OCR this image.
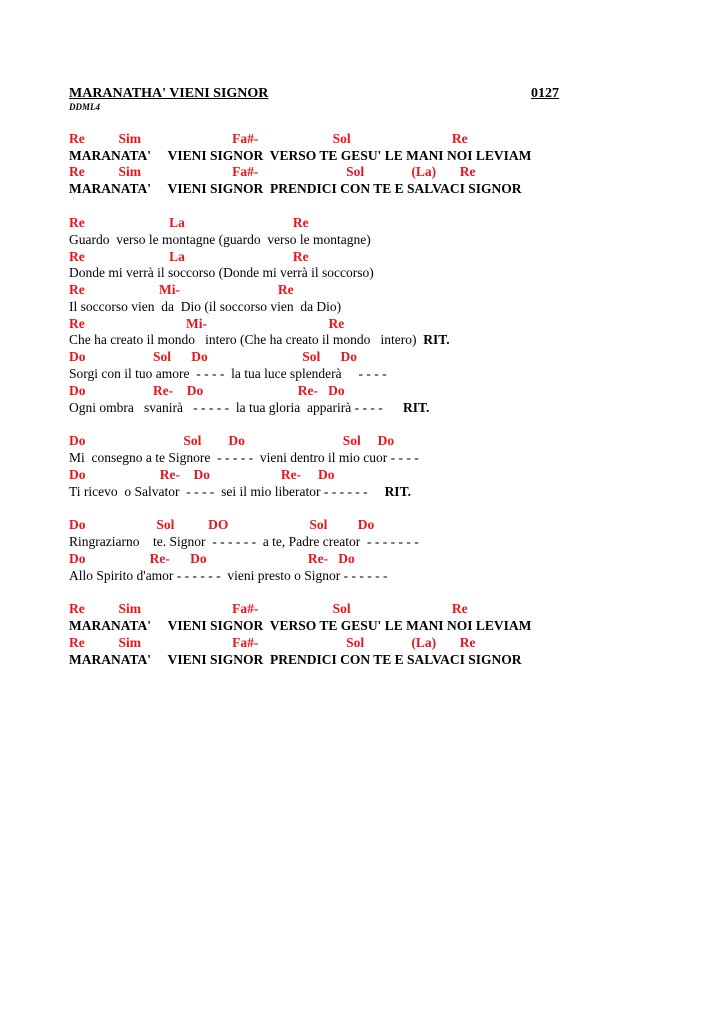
MARANATHA' VIENI SIGNOR	0127
DDML4
Re          Sim                           Fa#-                      Sol                              Re
MARANATA'     VIENI SIGNOR  VERSO TE GESU' LE MANI NOI LEVIAM
Re          Sim                           Fa#-                          Sol              (La)       Re
MARANATA'     VIENI SIGNOR  PRENDICI CON TE E SALVACI SIGNOR
Re                         La                                Re
Guardo  verso le montagne (guardo  verso le montagne)
Re                         La                                Re
Donde mi verrà il soccorso (Donde mi verrà il soccorso)
Re                      Mi-                             Re
Il soccorso vien  da  Dio (il soccorso vien  da Dio)
Re                              Mi-                                    Re
Che ha creato il mondo   intero (Che ha creato il mondo   intero) RIT.
Do                    Sol      Do                            Sol      Do
Sorgi con il tuo amore  - - - -  la tua luce splenderà     - - - -
Do                    Re-    Do                            Re-   Do
Ogni ombra   svanirà   - - - - -  la tua gloria  apparirà - - - - RIT.
Do                             Sol        Do                             Sol     Do
Mi  consegno a te Signore  - - - - -  vieni dentro il mio cuor - - - -
Do                      Re-    Do                     Re-     Do
Ti ricevo  o Salvator  - - - -  sei il mio liberator - - - - - - RIT.
Do                     Sol          DO                        Sol         Do
Ringraziarno    te. Signor  - - - - - -  a te, Padre creator  - - - - - - -
Do                   Re-      Do                              Re-   Do
Allo Spirito d'amor - - - - - -  vieni presto o Signor - - - - - -
Re          Sim                           Fa#-                      Sol                              Re
MARANATA'     VIENI SIGNOR  VERSO TE GESU' LE MANI NOI LEVIAM
Re          Sim                           Fa#-                          Sol              (La)       Re
MARANATA'     VIENI SIGNOR  PRENDICI CON TE E SALVACI SIGNOR
